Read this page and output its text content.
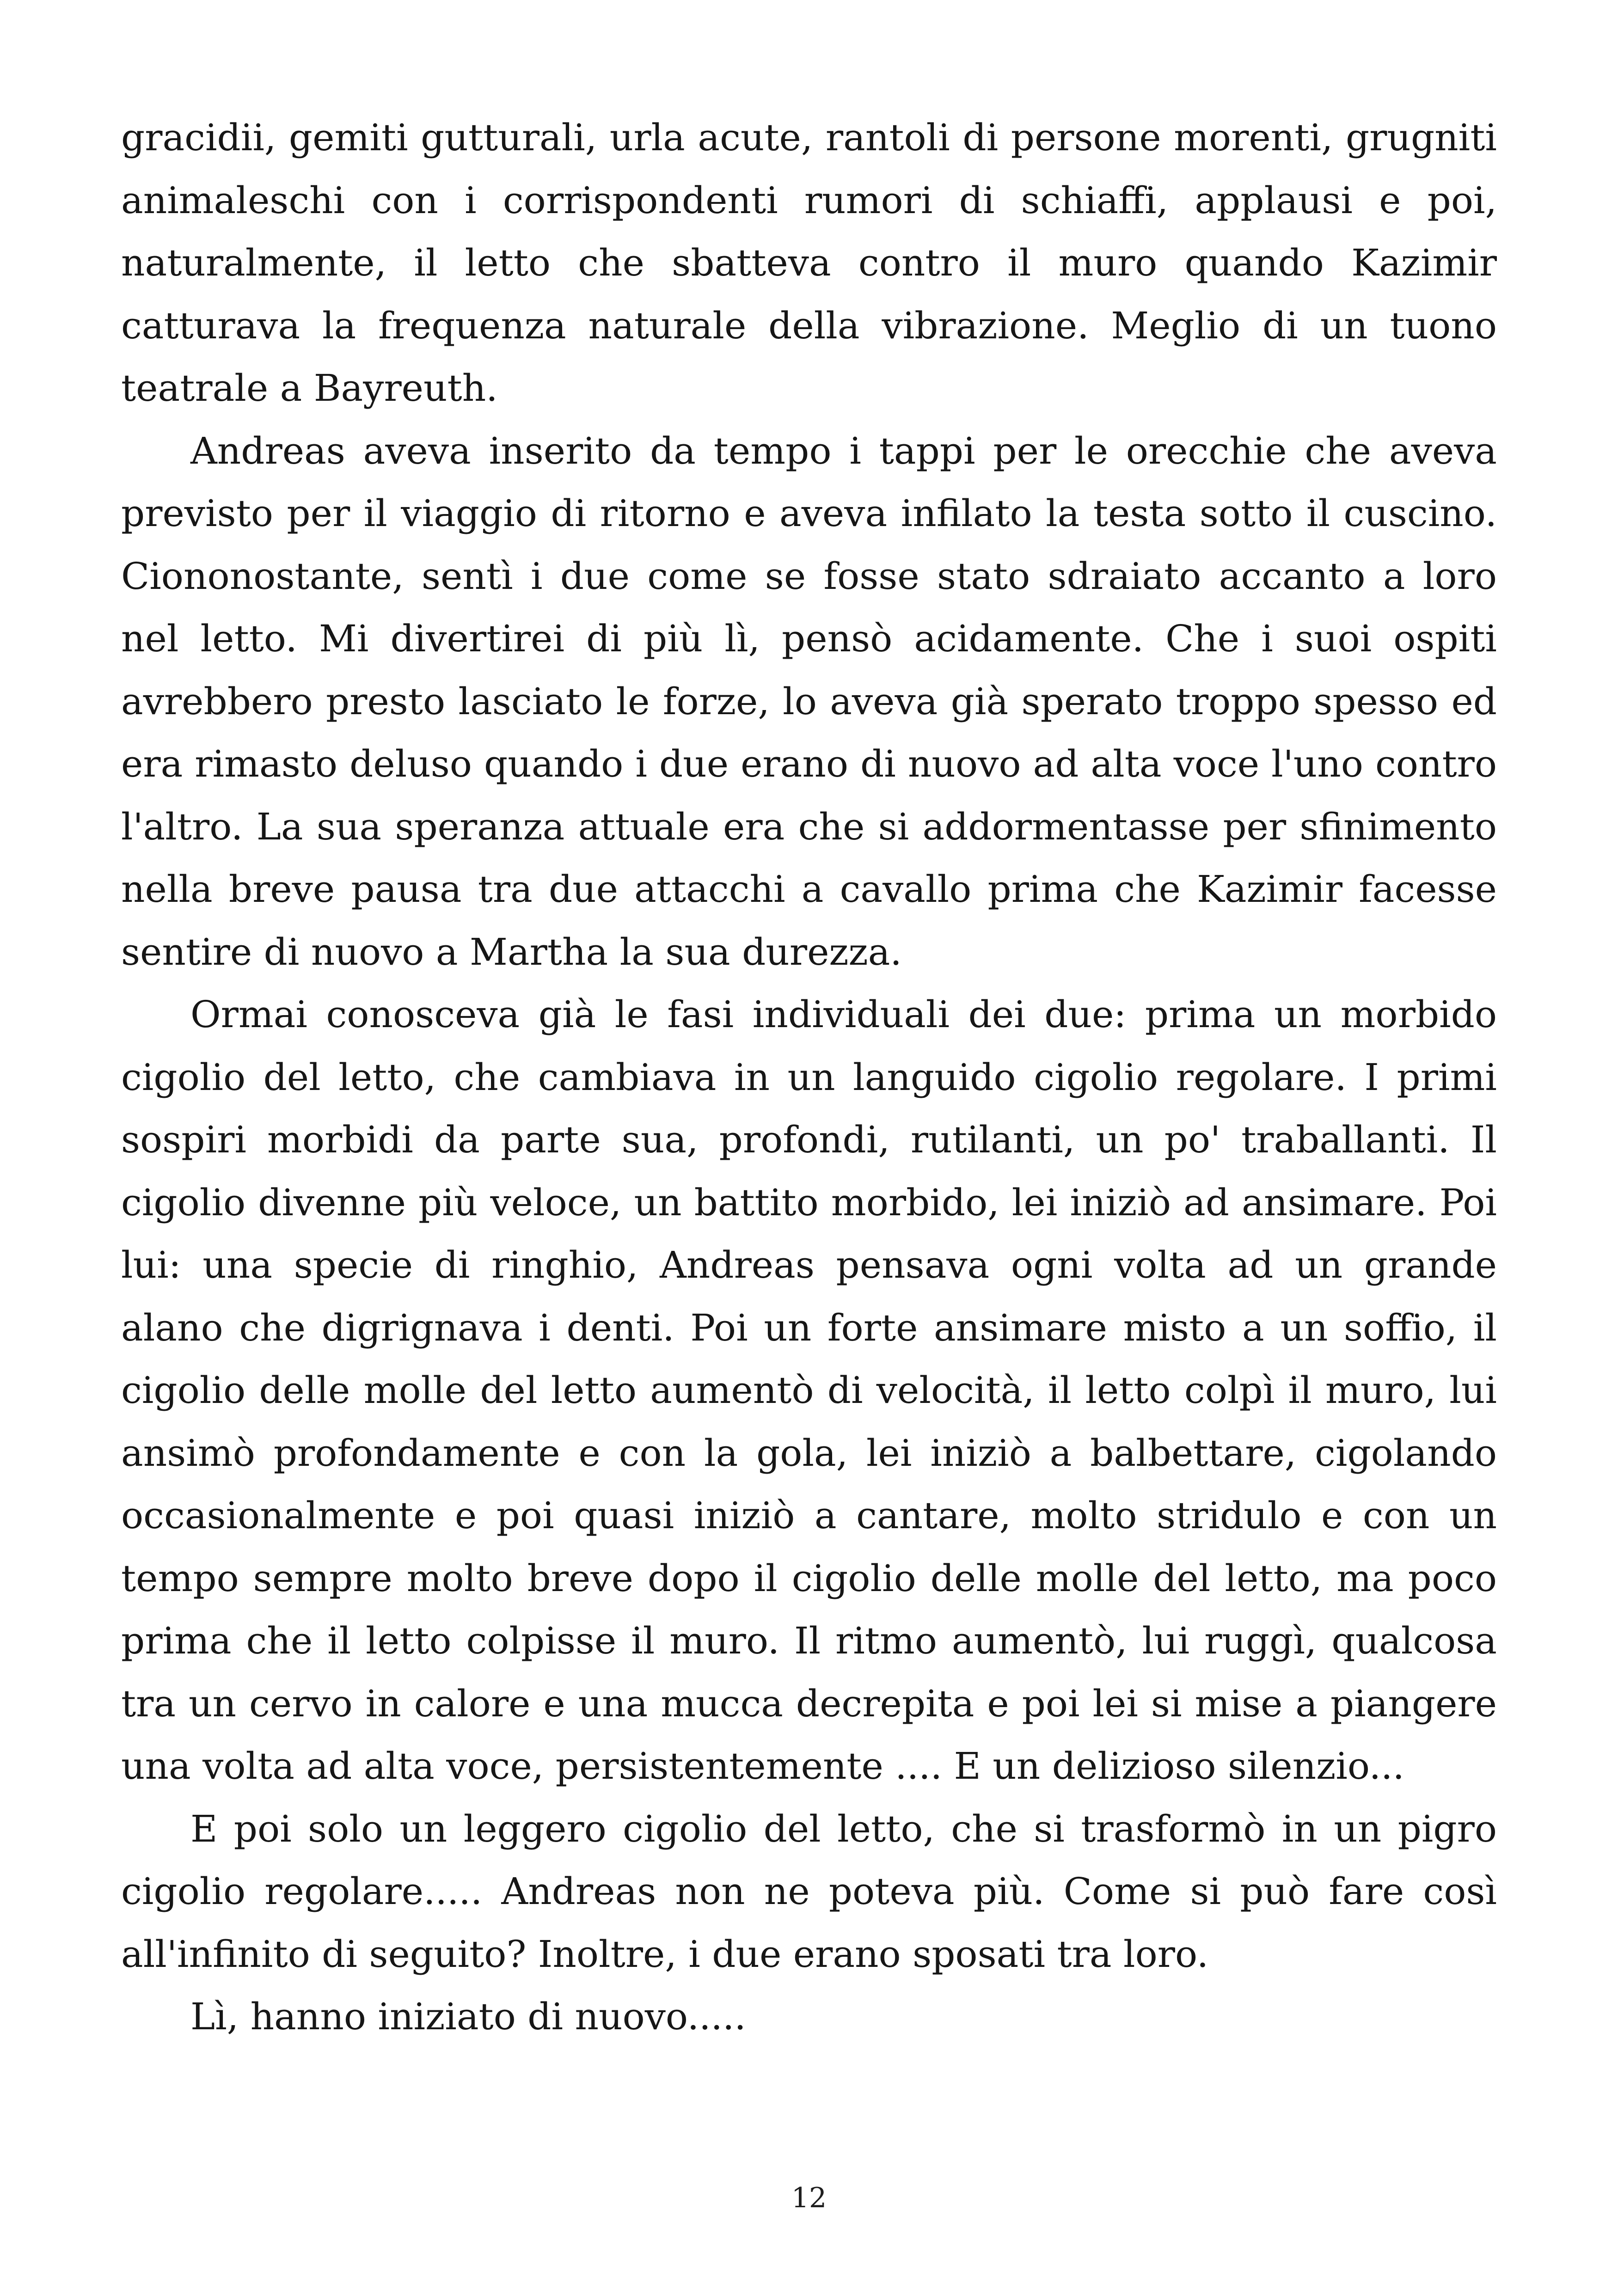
gracidii, gemiti gutturali, urla acute, rantoli di persone morenti, grugniti animaleschi con i corrispondenti rumori di schiaffi, applausi e poi, naturalmente, il letto che sbatteva contro il muro quando Kazimir catturava la frequenza naturale della vibrazione. Meglio di un tuono teatrale a Bayreuth.

Andreas aveva inserito da tempo i tappi per le orecchie che aveva previsto per il viaggio di ritorno e aveva infilato la testa sotto il cuscino. Ciononostante, sentì i due come se fosse stato sdraiato accanto a loro nel letto. Mi divertirei di più lì, pensò acidamente. Che i suoi ospiti avrebbero presto lasciato le forze, lo aveva già sperato troppo spesso ed era rimasto deluso quando i due erano di nuovo ad alta voce l'uno contro l'altro. La sua speranza attuale era che si addormentasse per sfinimento nella breve pausa tra due attacchi a cavallo prima che Kazimir facesse sentire di nuovo a Martha la sua durezza.

Ormai conosceva già le fasi individuali dei due: prima un morbido cigolio del letto, che cambiava in un languido cigolio regolare. I primi sospiri morbidi da parte sua, profondi, rutilanti, un po' traballanti. Il cigolio divenne più veloce, un battito morbido, lei iniziò ad ansimare. Poi lui: una specie di ringhio, Andreas pensava ogni volta ad un grande alano che digrignava i denti. Poi un forte ansimare misto a un soffio, il cigolio delle molle del letto aumentò di velocità, il letto colpì il muro, lui ansimò profondamente e con la gola, lei iniziò a balbettare, cigolando occasionalmente e poi quasi iniziò a cantare, molto stridulo e con un tempo sempre molto breve dopo il cigolio delle molle del letto, ma poco prima che il letto colpisse il muro. Il ritmo aumentò, lui ruggì, qualcosa tra un cervo in calore e una mucca decrepita e poi lei si mise a piangere una volta ad alta voce, persistentemente .... E un delizioso silenzio...

E poi solo un leggero cigolio del letto, che si trasformò in un pigro cigolio regolare..... Andreas non ne poteva più. Come si può fare così all'infinito di seguito? Inoltre, i due erano sposati tra loro.

Lì, hanno iniziato di nuovo.....

12
